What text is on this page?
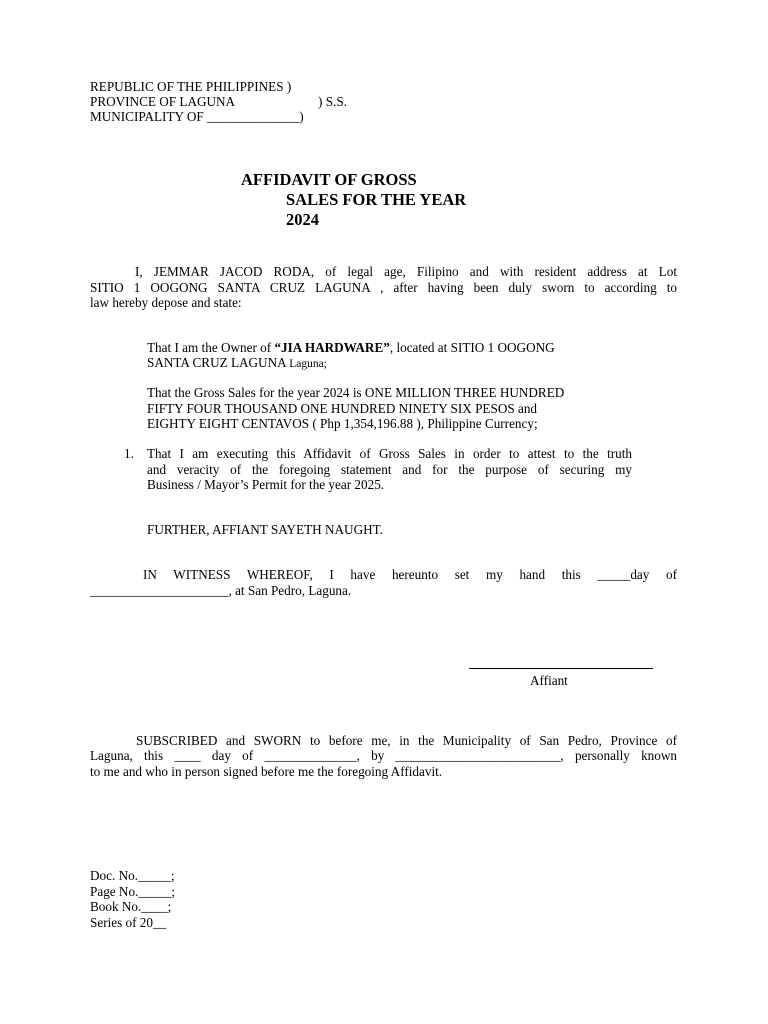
REPUBLIC OF THE PHILIPPINES )
PROVINCE OF LAGUNA	) S.S.
MUNICIPALITY OF ______________)
AFFIDAVIT OF GROSS
SALES FOR THE YEAR
2024
I, JEMMAR JACOD RODA, of legal age, Filipino and with resident address at Lot
SITIO 1 OOGONG SANTA CRUZ LAGUNA , after having been duly sworn to according to
law hereby depose and state:
That I am the Owner of “JIA HARDWARE”, located at SITIO 1 OOGONG
SANTA CRUZ LAGUNA Laguna;
That the Gross Sales for the year 2024 is ONE MILLION THREE HUNDRED
FIFTY FOUR THOUSAND ONE HUNDRED NINETY SIX PESOS and
EIGHTY EIGHT CENTAVOS ( Php 1,354,196.88 ), Philippine Currency;
1. That I am executing this Affidavit of Gross Sales in order to attest to the truth
and veracity of the foregoing statement and for the purpose of securing my
Business / Mayor’s Permit for the year 2025.
FURTHER, AFFIANT SAYETH NAUGHT.
IN WITNESS WHEREOF, I have hereunto set my hand this _____day of
_____________________, at San Pedro, Laguna.
Affiant
SUBSCRIBED and SWORN to before me, in the Municipality of San Pedro, Province of
Laguna, this ____ day of ______________, by _________________________, personally known
to me and who in person signed before me the foregoing Affidavit.
Doc. No._____;
Page No._____;
Book No.____;
Series of 20__
